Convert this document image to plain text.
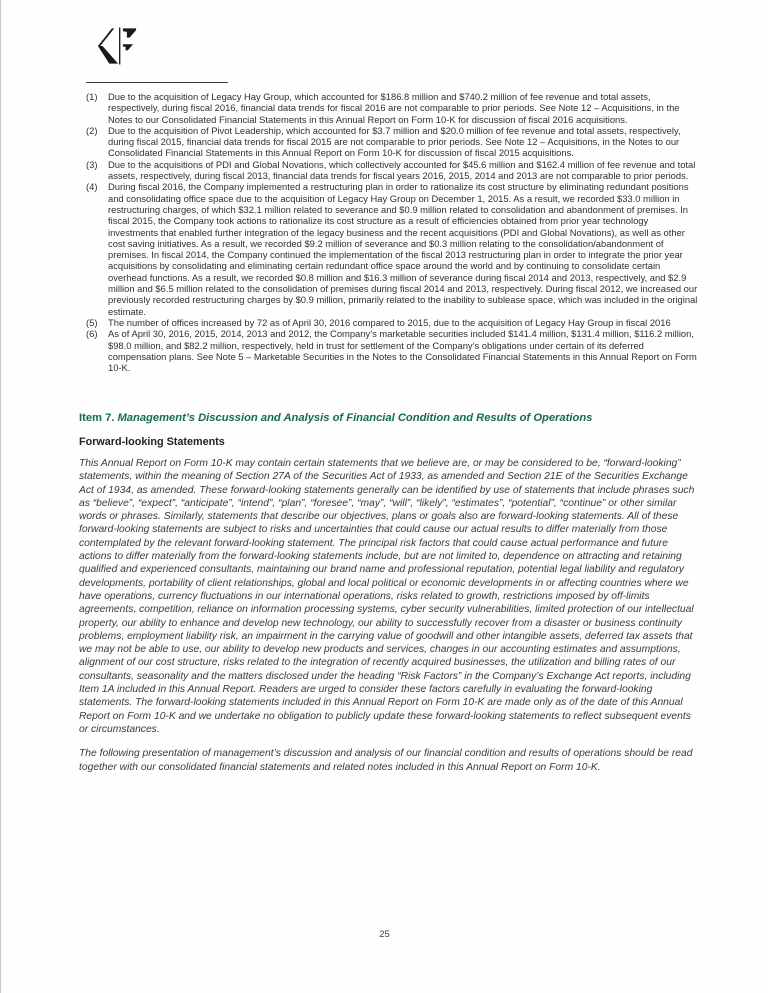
(1)	Due to the acquisition of Legacy Hay Group, which accounted for $186.8 million and $740.2 million of fee revenue and total assets, respectively, during fiscal 2016, financial data trends for fiscal 2016 are not comparable to prior periods. See Note 12 – Acquisitions, in the Notes to our Consolidated Financial Statements in this Annual Report on Form 10-K for discussion of fiscal 2016 acquisitions.
(2)	Due to the acquisition of Pivot Leadership, which accounted for $3.7 million and $20.0 million of fee revenue and total assets, respectively, during fiscal 2015, financial data trends for fiscal 2015 are not comparable to prior periods. See Note 12 – Acquisitions, in the Notes to our Consolidated Financial Statements in this Annual Report on Form 10-K for discussion of fiscal 2015 acquisitions.
(3)	Due to the acquisitions of PDI and Global Novations, which collectively accounted for $45.6 million and $162.4 million of fee revenue and total assets, respectively, during fiscal 2013, financial data trends for fiscal years 2016, 2015, 2014 and 2013 are not comparable to prior periods.
(4)	During fiscal 2016, the Company implemented a restructuring plan in order to rationalize its cost structure by eliminating redundant positions and consolidating office space due to the acquisition of Legacy Hay Group on December 1, 2015. As a result, we recorded $33.0 million in restructuring charges, of which $32.1 million related to severance and $0.9 million related to consolidation and abandonment of premises. In fiscal 2015, the Company took actions to rationalize its cost structure as a result of efficiencies obtained from prior year technology investments that enabled further integration of the legacy business and the recent acquisitions (PDI and Global Novations), as well as other cost saving initiatives. As a result, we recorded $9.2 million of severance and $0.3 million relating to the consolidation/abandonment of premises. In fiscal 2014, the Company continued the implementation of the fiscal 2013 restructuring plan in order to integrate the prior year acquisitions by consolidating and eliminating certain redundant office space around the world and by continuing to consolidate certain overhead functions. As a result, we recorded $0.8 million and $16.3 million of severance during fiscal 2014 and 2013, respectively, and $2.9 million and $6.5 million related to the consolidation of premises during fiscal 2014 and 2013, respectively. During fiscal 2012, we increased our previously recorded restructuring charges by $0.9 million, primarily related to the inability to sublease space, which was included in the original estimate.
(5)	The number of offices increased by 72 as of April 30, 2016 compared to 2015, due to the acquisition of Legacy Hay Group in fiscal 2016
(6)	As of April 30, 2016, 2015, 2014, 2013 and 2012, the Company’s marketable securities included $141.4 million, $131.4 million, $116.2 million, $98.0 million, and $82.2 million, respectively, held in trust for settlement of the Company’s obligations under certain of its deferred compensation plans. See Note 5 – Marketable Securities in the Notes to the Consolidated Financial Statements in this Annual Report on Form 10-K.
Item 7. Management’s Discussion and Analysis of Financial Condition and Results of Operations
Forward-looking Statements

This Annual Report on Form 10-K may contain certain statements that we believe are, or may be considered to be, “forward-looking” statements, within the meaning of Section 27A of the Securities Act of 1933, as amended and Section 21E of the Securities Exchange Act of 1934, as amended. These forward-looking statements generally can be identified by use of statements that include phrases such as “believe”, “expect”, “anticipate”, “intend”, “plan”, “foresee”, “may”, “will”, “likely”, “estimates”, “potential”, “continue” or other similar words or phrases. Similarly, statements that describe our objectives, plans or goals also are forward-looking statements. All of these forward-looking statements are subject to risks and uncertainties that could cause our actual results to differ materially from those contemplated by the relevant forward-looking statement. The principal risk factors that could cause actual performance and future actions to differ materially from the forward-looking statements include, but are not limited to, dependence on attracting and retaining qualified and experienced consultants, maintaining our brand name and professional reputation, potential legal liability and regulatory developments, portability of client relationships, global and local political or economic developments in or affecting countries where we have operations, currency fluctuations in our international operations, risks related to growth, restrictions imposed by off-limits agreements, competition, reliance on information processing systems, cyber security vulnerabilities, limited protection of our intellectual property, our ability to enhance and develop new technology, our ability to successfully recover from a disaster or business continuity problems, employment liability risk, an impairment in the carrying value of goodwill and other intangible assets, deferred tax assets that we may not be able to use, our ability to develop new products and services, changes in our accounting estimates and assumptions, alignment of our cost structure, risks related to the integration of recently acquired businesses, the utilization and billing rates of our consultants, seasonality and the matters disclosed under the heading “Risk Factors” in the Company’s Exchange Act reports, including Item 1A included in this Annual Report. Readers are urged to consider these factors carefully in evaluating the forward-looking statements. The forward-looking statements included in this Annual Report on Form 10-K are made only as of the date of this Annual Report on Form 10-K and we undertake no obligation to publicly update these forward-looking statements to reflect subsequent events or circumstances.

The following presentation of management’s discussion and analysis of our financial condition and results of operations should be read together with our consolidated financial statements and related notes included in this Annual Report on Form 10-K.

25
